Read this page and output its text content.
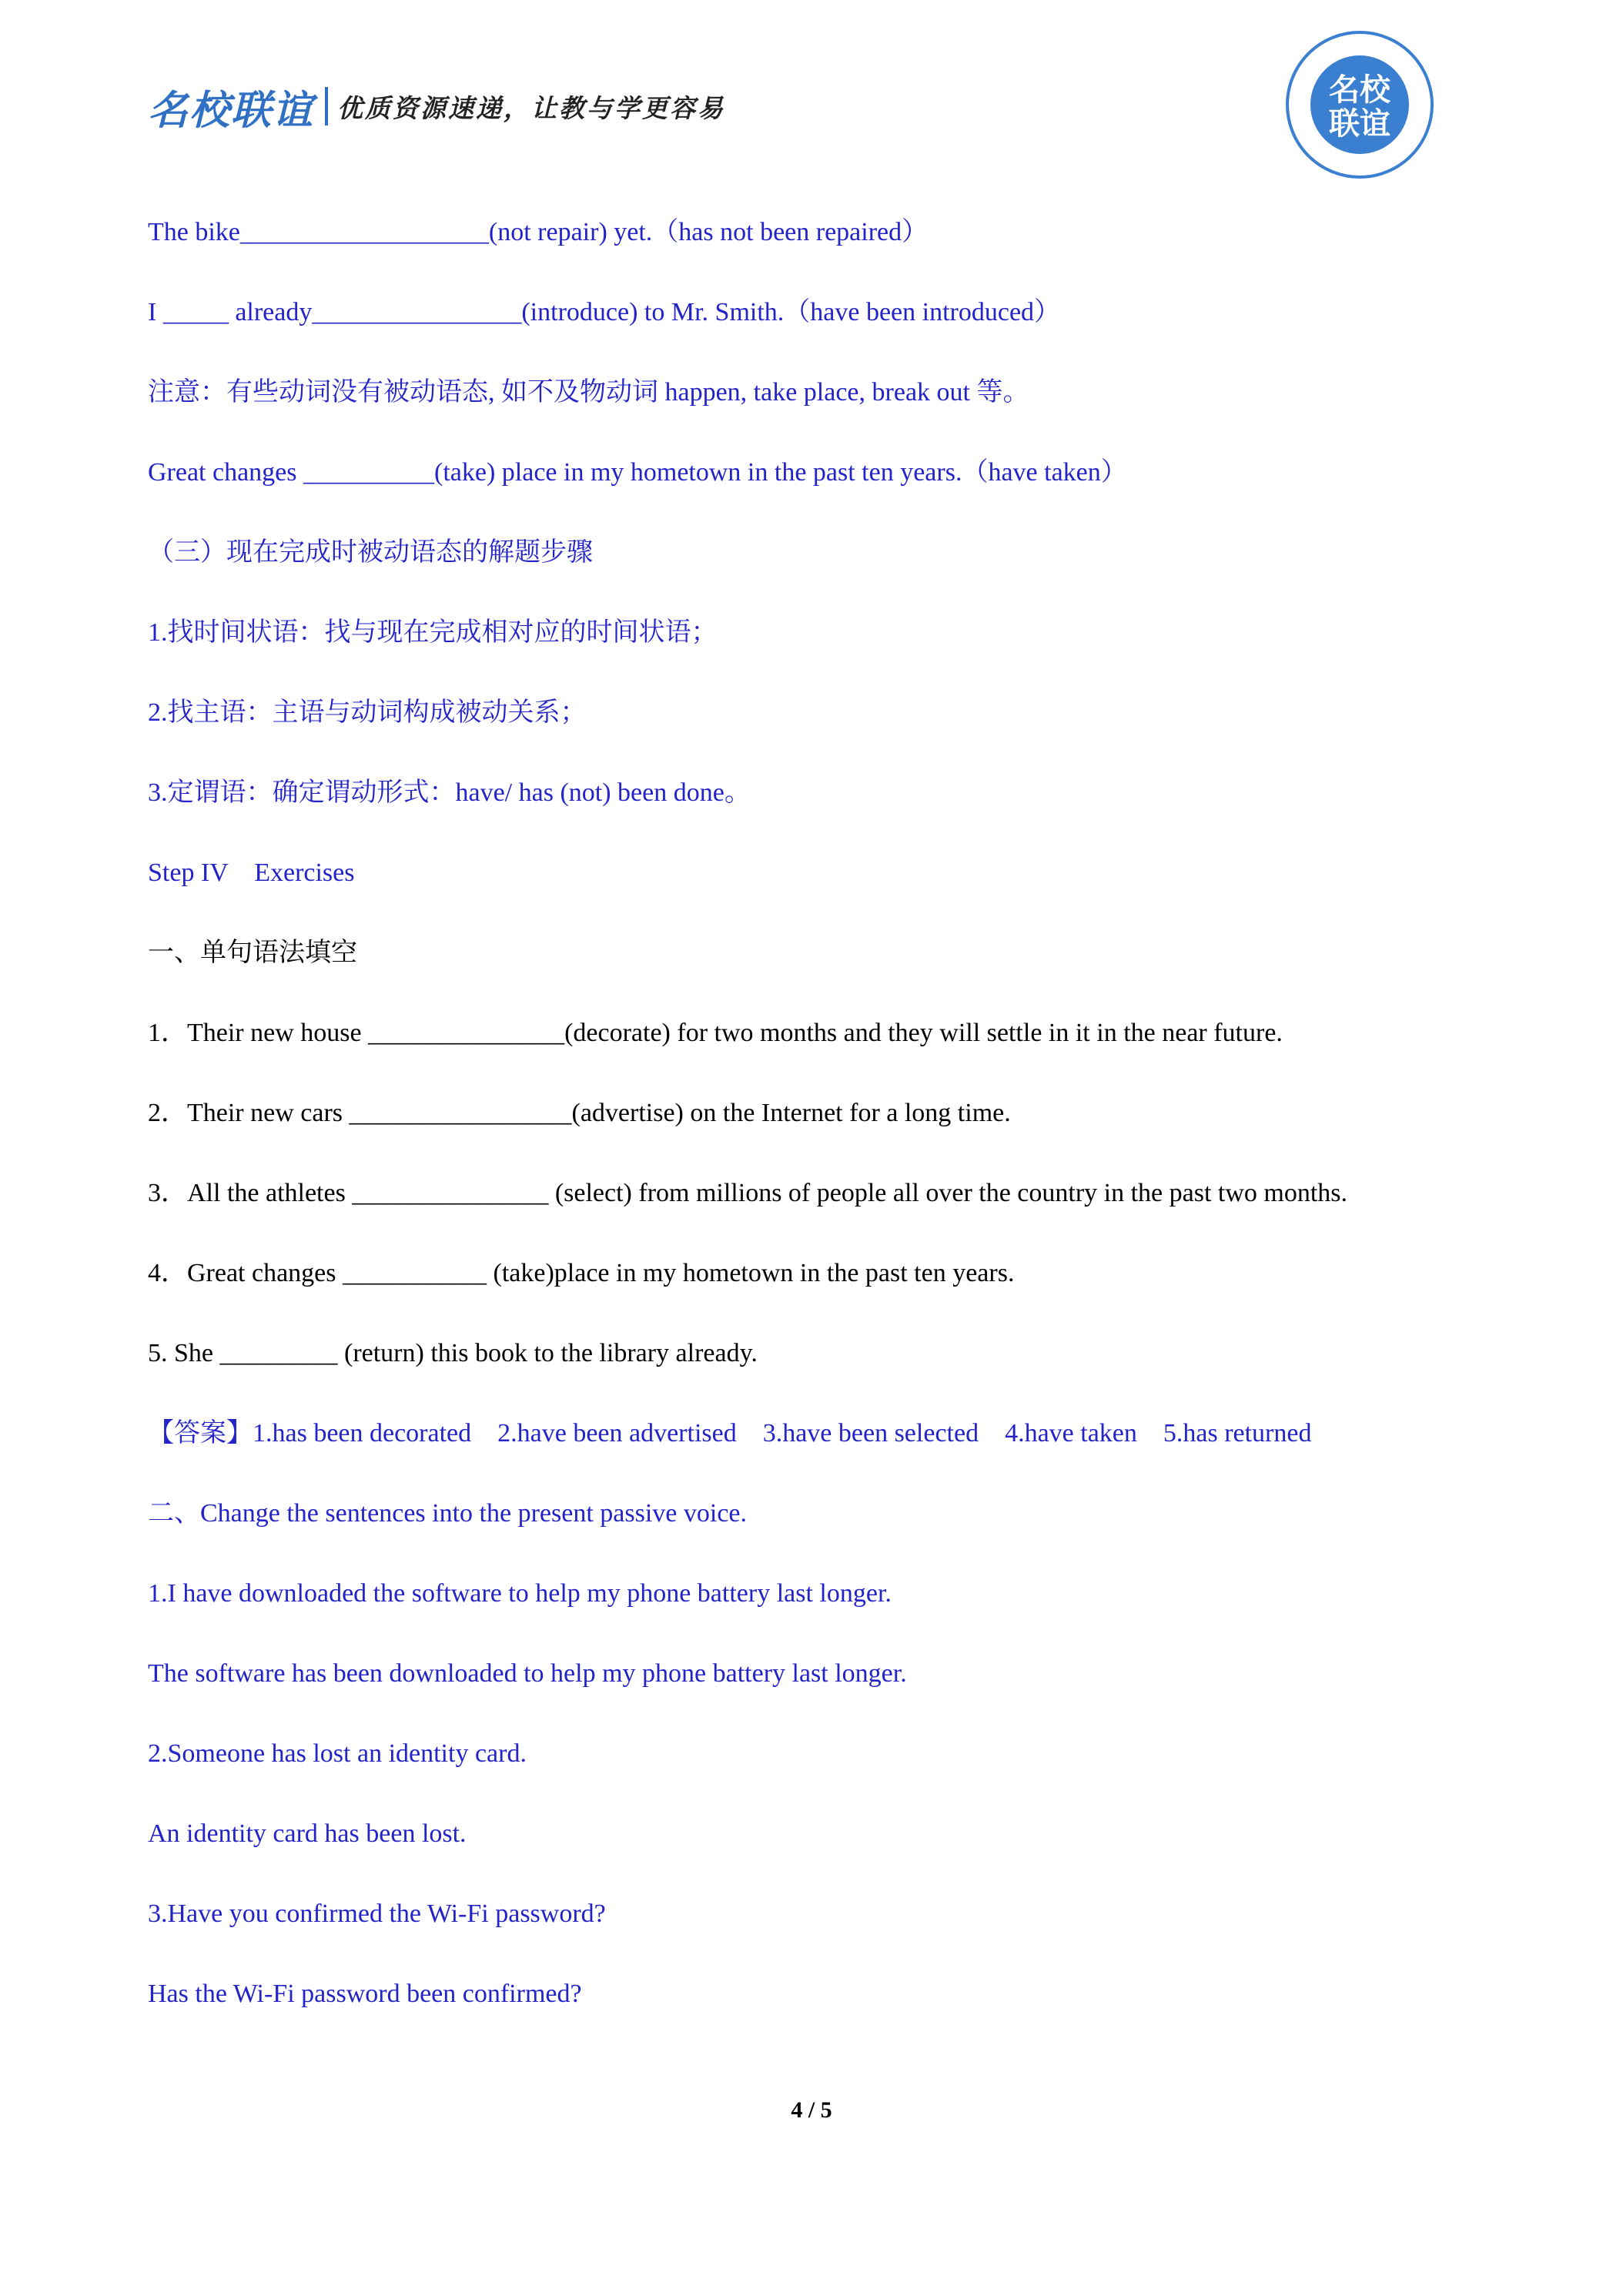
名校联谊 优质资源速递，让教与学更容易	名校
联谊
The bike___________________(not repair) yet.（has not been repaired）
I _____ already________________(introduce) to Mr. Smith.（have been introduced）
注意：有些动词没有被动语态, 如不及物动词 happen, take place, break out 等。
Great changes __________(take) place in my hometown in the past ten years.（have taken）
（三）现在完成时被动语态的解题步骤
1.找时间状语：找与现在完成相对应的时间状语；
2.找主语：主语与动词构成被动关系；
3.定谓语：确定谓动形式：have/ has (not) been done。
Step IV　Exercises
一、单句语法填空
1．Their new house _______________(decorate) for two months and they will settle in it in the near future.
2．Their new cars _________________(advertise) on the Internet for a long time.
3．All the athletes _______________ (select) from millions of people all over the country in the past two months.
4．Great changes ___________ (take)place in my hometown in the past ten years.
5. She _________ (return) this book to the library already.
【答案】1.has been decorated　2.have been advertised　3.have been selected　4.have taken　5.has returned
二、Change the sentences into the present passive voice.
1.I have downloaded the software to help my phone battery last longer.
The software has been downloaded to help my phone battery last longer.
2.Someone has lost an identity card.
An identity card has been lost.
3.Have you confirmed the Wi-Fi password?
Has the Wi-Fi password been confirmed?
4 / 5
